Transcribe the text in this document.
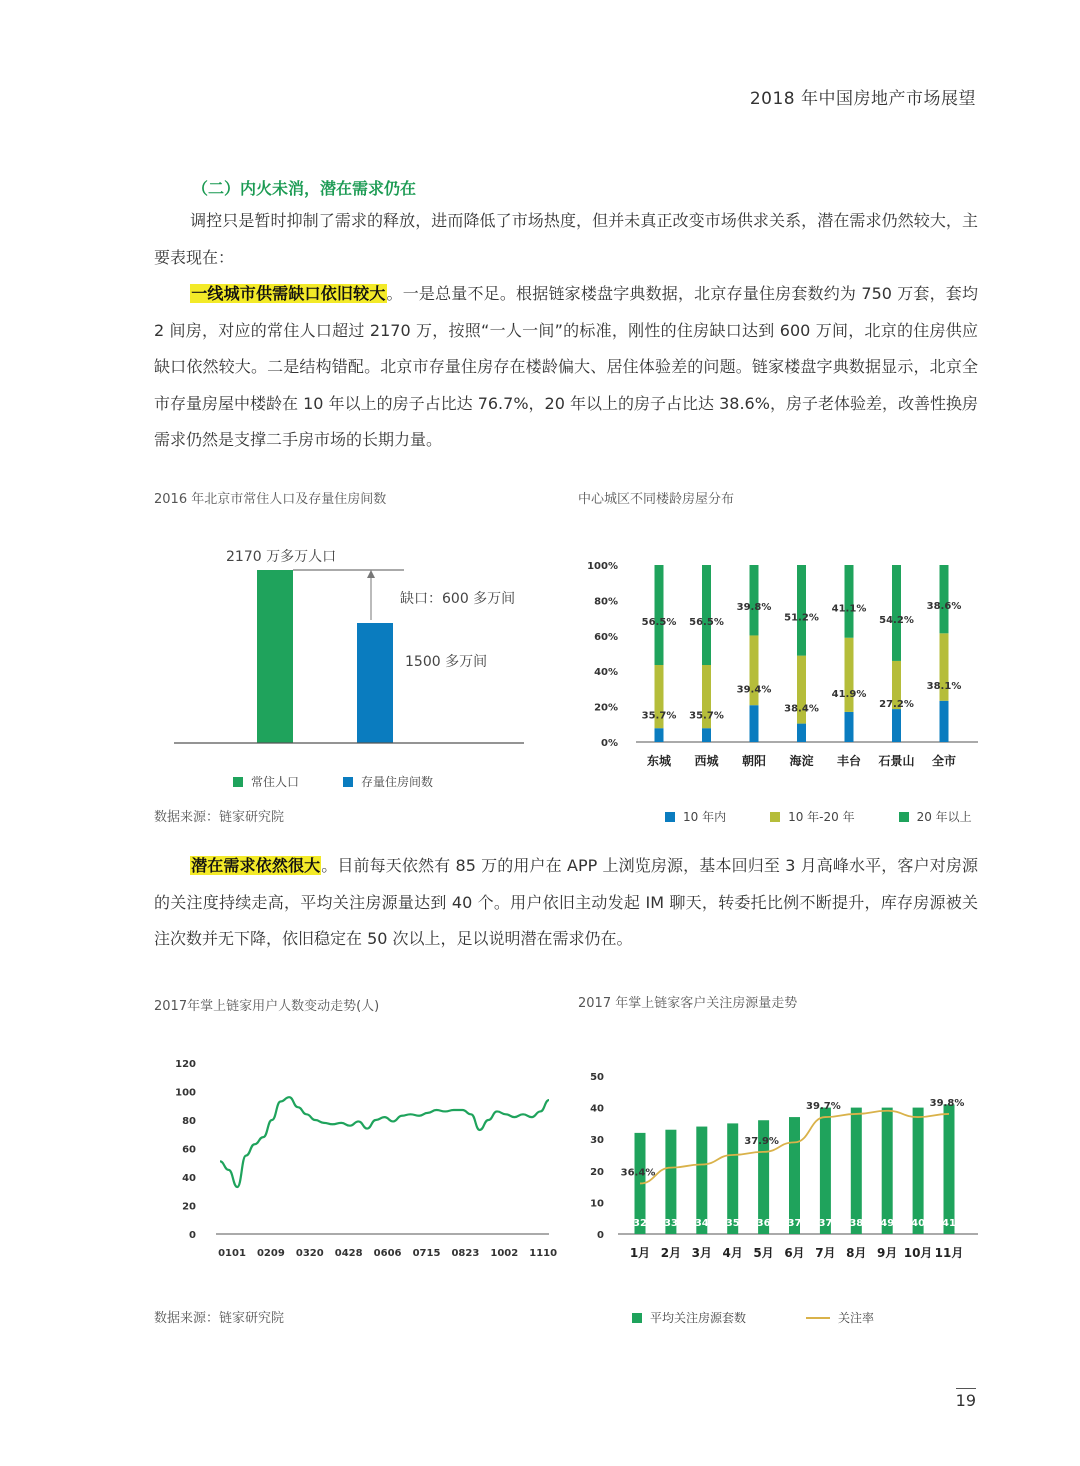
2018 年中国房地产市场展望
（二）内火未消，潜在需求仍在

调控只是暂时抑制了需求的释放，进而降低了市场热度，但并未真正改变市场供求关系，潜在需求仍然较大，主要表现在：

一线城市供需缺口依旧较大。一是总量不足。根据链家楼盘字典数据，北京存量住房套数约为 750 万套，套均 2 间房，对应的常住人口超过 2170 万，按照“一人一间”的标准，刚性的住房缺口达到 600 万间，北京的住房供应缺口依然较大。二是结构错配。北京市存量住房存在楼龄偏大、居住体验差的问题。链家楼盘字典数据显示，北京全市存量房屋中楼龄在 10 年以上的房子占比达 76.7%，20 年以上的房子占比达 38.6%，房子老体验差，改善性换房需求仍然是支撑二手房市场的长期力量。

2016 年北京市常住人口及存量住房间数
2170 万多万人口
缺口：600 多万间
1500 多万间
常住人口	存量住房间数
数据来源：链家研究院
中心城区不同楼龄房屋分布
0%
20%
40%
60%
80%
100%
35.7%
56.5%
东城
35.7%
56.5%
西城
39.4%
39.8%
朝阳
38.4%
51.2%
海淀
41.9%
41.1%
丰台
27.2%
54.2%
石景山
38.1%
38.6%
全市
10 年内	10 年-20 年	20 年以上

潜在需求依然很大。目前每天依然有 85 万的用户在 APP 上浏览房源，基本回归至 3 月高峰水平，客户对房源的关注度持续走高，平均关注房源量达到 40 个。用户依旧主动发起 IM 聊天，转委托比例不断提升，库存房源被关注次数并无下降，依旧稳定在 50 次以上，足以说明潜在需求仍在。

2017年掌上链家用户人数变动走势(人)
0
20
40
60
80
100
120
0101 0209 0320 0428 0606 0715 0823 1002 1110
数据来源：链家研究院
2017 年掌上链家客户关注房源量走势
0
10
20
30
40
50
32
1月
33
2月
34
3月
35
4月
36
5月
37
6月
37
7月
38
8月
49
9月
40
10月
41
11月
36.4%
37.9%
39.7%	39.8%
平均关注房源套数	关注率
19
